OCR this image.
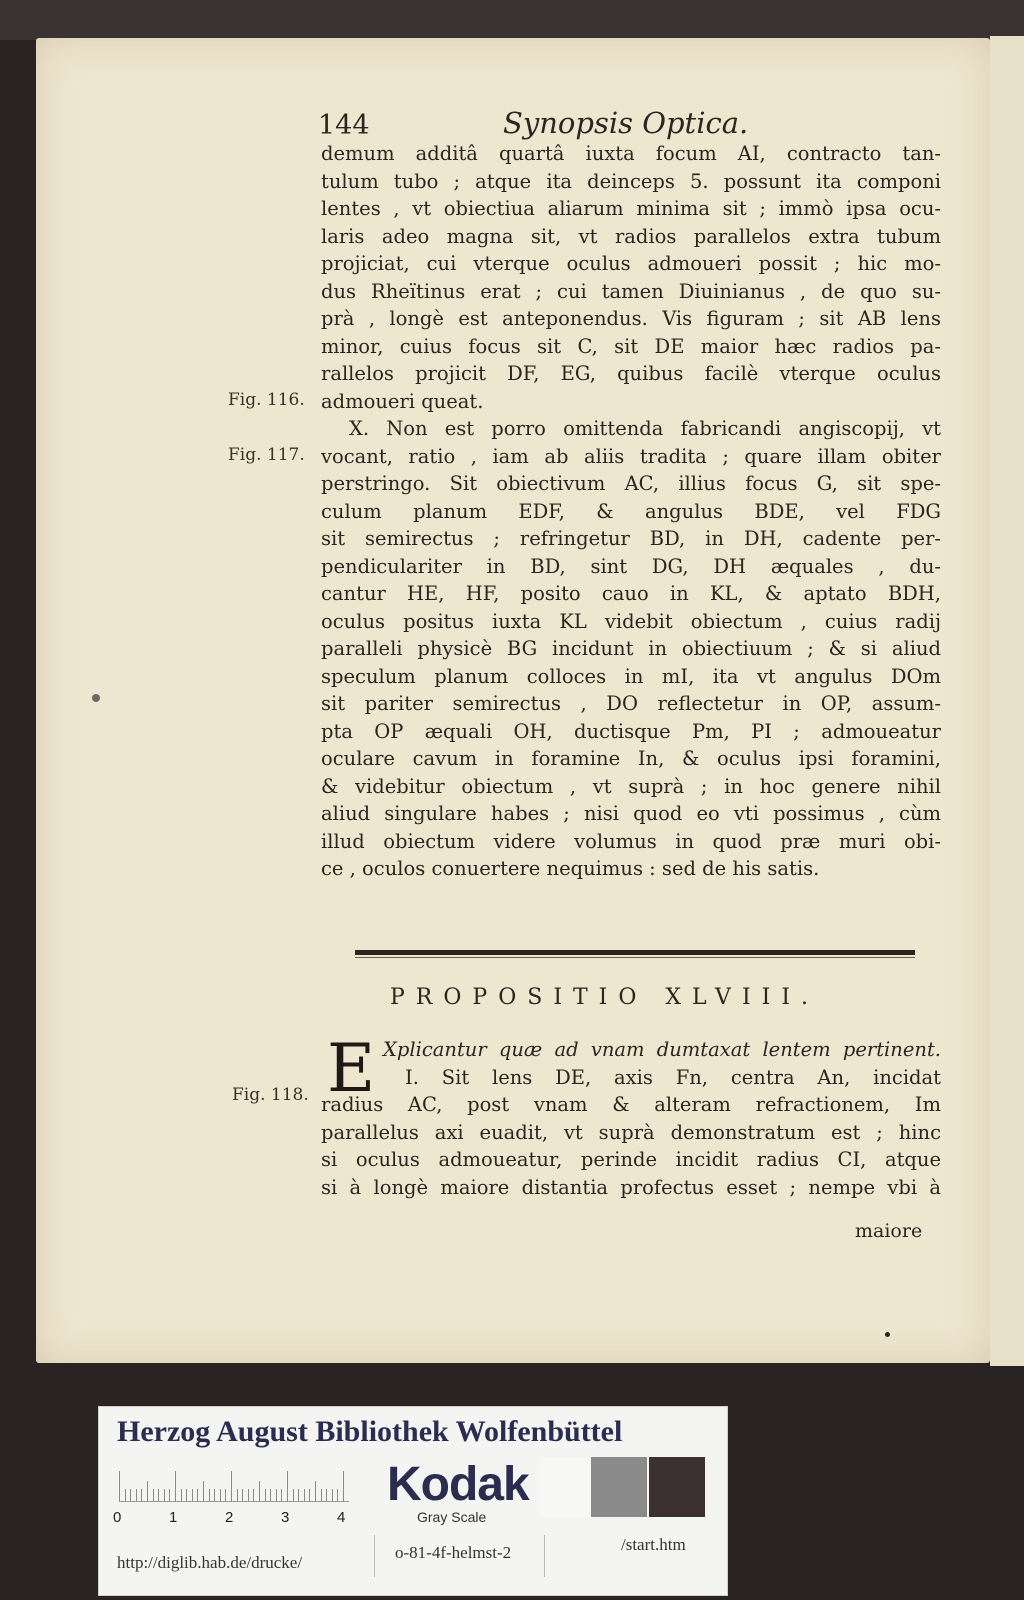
144	Synopsis Optica.
demum additâ quartâ iuxta focum AI, contracto tan-
tulum tubo ; atque ita deinceps 5. possunt ita componi
lentes , vt obiectiua aliarum minima sit ; immò ipsa ocu-
laris adeo magna sit, vt radios parallelos extra tubum
projiciat, cui vterque oculus admoueri possit ; hic mo-
dus Rheïtinus erat ; cui tamen Diuinianus , de quo su-
prà , longè est anteponendus. Vis figuram ; sit AB lens
minor, cuius focus sit C, sit DE maior hæc radios pa-
rallelos projicit DF, EG, quibus facilè vterque oculus
admoueri queat.
X. Non est porro omittenda fabricandi angiscopij, vt
vocant, ratio , iam ab aliis tradita ; quare illam obiter
perstringo. Sit obiectivum AC, illius focus G, sit spe-
culum planum EDF, & angulus BDE, vel FDG
sit semirectus ; refringetur BD, in DH, cadente per-
pendiculariter in BD, sint DG, DH æquales , du-
cantur HE, HF, posito cauo in KL, & aptato BDH,
oculus positus iuxta KL videbit obiectum , cuius radij
paralleli physicè BG incidunt in obiectiuum ; & si aliud
speculum planum colloces in mI, ita vt angulus DOm
sit pariter semirectus , DO reflectetur in OP, assum-
pta OP æquali OH, ductisque Pm, PI ; admoueatur
oculare cavum in foramine In, & oculus ipsi foramini,
& videbitur obiectum , vt suprà ; in hoc genere nihil
aliud singulare habes ; nisi quod eo vti possimus , cùm
illud obiectum videre volumus in quod præ muri obi-
ce , oculos conuertere nequimus : sed de his satis.
Fig. 116.
Fig. 117.
Fig. 118.
PROPOSITIO XLVIII.
E Xplicantur quæ ad vnam dumtaxat lentem pertinent.
I. Sit lens DE, axis Fn, centra An, incidat
radius AC, post vnam & alteram refractionem, Im
parallelus axi euadit, vt suprà demonstratum est ; hinc
si oculus admoueatur, perinde incidit radius CI, atque
si à longè maiore distantia profectus esset ; nempe vbi à
maiore
Herzog August Bibliothek Wolfenbüttel
0	1	2	3	4
Kodak
Gray Scale
http://diglib.hab.de/drucke/
o-81-4f-helmst-2	/start.htm
